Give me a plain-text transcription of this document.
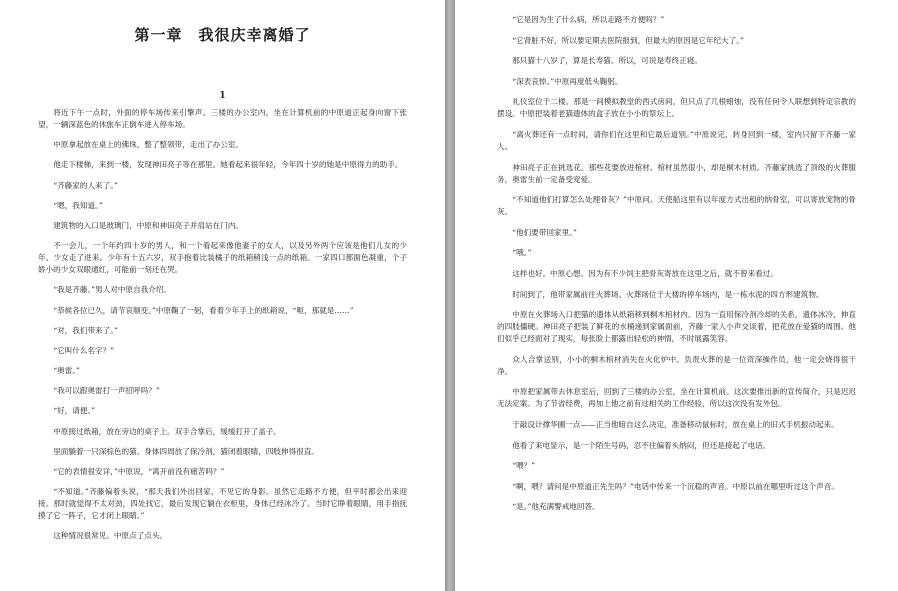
第一章　我很庆幸离婚了
1

将近下午一点时，外面的停车场传来引擎声。三楼的办公室内，坐在计算机前的中原道正起身向窗下张望，一辆深蓝色的休旅车正倒车进入停车场。

中原拿起放在桌上的佛珠，整了整领带，走出了办公室。

他走下楼梯，来到一楼，发现神田亮子等在那里。她看起来很年轻，今年四十岁的她是中原得力的助手。

“齐藤家的人来了。”

“嗯，我知道。”

建筑物的入口是玻璃门，中原和神田亮子并肩站在门内。

不一会儿，一个年约四十岁的男人，和一个看起来像他妻子的女人，以及另外两个应该是他们儿女的少年、少女走了进来。少年有十五六岁，双手抱着比装橘子的纸箱稍浅一点的纸箱。一家四口都面色凝重，个子娇小的少女双眼通红，可能前一刻还在哭。

“我是齐藤。”男人对中原自我介绍。

“恭候各位已久，请节哀顺变。”中原鞠了一躬，看着少年手上的纸箱说，“呃，那就是……”

“对，我们带来了。”

“它叫什么名字？”

“奥雷。”

“我可以跟奥雷打一声招呼吗？”

“好，请便。”

中原接过纸箱，放在旁边的桌子上。双手合掌后，缓缓打开了盖子。

里面躺着一只深棕色的猫。身体四周放了保冷剂，猫闭着眼睛，四肢伸得很直。

“它的表情很安详，”中原说，“离开前没有痛苦吗？”

“不知道。”齐藤偏着头说，“那天我们外出回家，不见它的身影。虽然它走路不方便，但平时都会出来迎接。那时就觉得不太对劲，四处找它，最后发现它躺在衣柜里，身体已经冰冷了。当时它睁着眼睛，用手指抚摸了它一阵子，它才闭上眼睛。”

这种情况很常见。中原点了点头。

“它是因为生了什么病，所以走路不方便吗？”

“它肾脏不好，所以要定期去医院报到，但最大的原因是它年纪大了。”

那只猫十八岁了，算是长寿猫。所以，可说是寿终正寝。

“深表哀悼。”中原再度低头鞠躬。

礼仪室位于二楼。那是一间模拟教堂的西式房间，但只点了几根蜡烛，没有任何令人联想到特定宗教的摆设。中原把装着老猫遗体的盒子放在小小的祭坛上。

“离火葬还有一点时间，请你们在这里和它最后道别。”中原说完，转身回到一楼，室内只留下齐藤一家人。

神田亮子正在挑选花。那些花要放进棺材。棺材虽然很小，却是桐木材质。齐藤家挑选了顶级的火葬服务，奥雷生前一定备受宠爱。

“不知道他们打算怎么处理骨灰？”中原问。天使船这里有以年度方式出租的纳骨室，可以寄放宠物的骨灰。

“他们要带回家里。”

“哦。”

这样也好。中原心想。因为有不少饲主把骨灰寄放在这里之后，就不曾来看过。

时间到了，他带家属前往火葬场。火葬场位于大楼的停车场内，是一栋水泥的四方形建筑物。

中原在火葬场入口把猫的遗体从纸箱移到桐木棺材内。因为一直用保冷剂冷却的关系，遗体冰冷，伸直的四肢僵硬。神田亮子把装了鲜花的水桶递到家属面前，齐藤一家人小声交谈着，把花放在爱猫的周围。他们似乎已经面对了现实，每张脸上都露出轻松的神情，不时展露笑容。

众人合掌送别，小小的桐木棺材消失在火化炉中。负责火葬的是一位资深操作员，他一定会烧得很干净。

中原把家属带去休息室后，回到了三楼的办公室，坐在计算机前。这次要推出新的宣传简介，只是迟迟无法定案。为了节省经费，再加上他之前有过相关的工作经验，所以这次没有发外包。

于敲设计撑华圃一点——正当他暗自这么决定，准备移动鼠标时，放在桌上的旧式手机振动起来。

他看了来电显示，是一个陌生号码，忍不住偏着头纳闷，但还是接起了电话。

“喂？”

“啊，喂？请问是中原道正先生吗？”电话中传来一个沉稳的声音。中原以前在哪里听过这个声音。

“是。”他充满警戒地回答。
